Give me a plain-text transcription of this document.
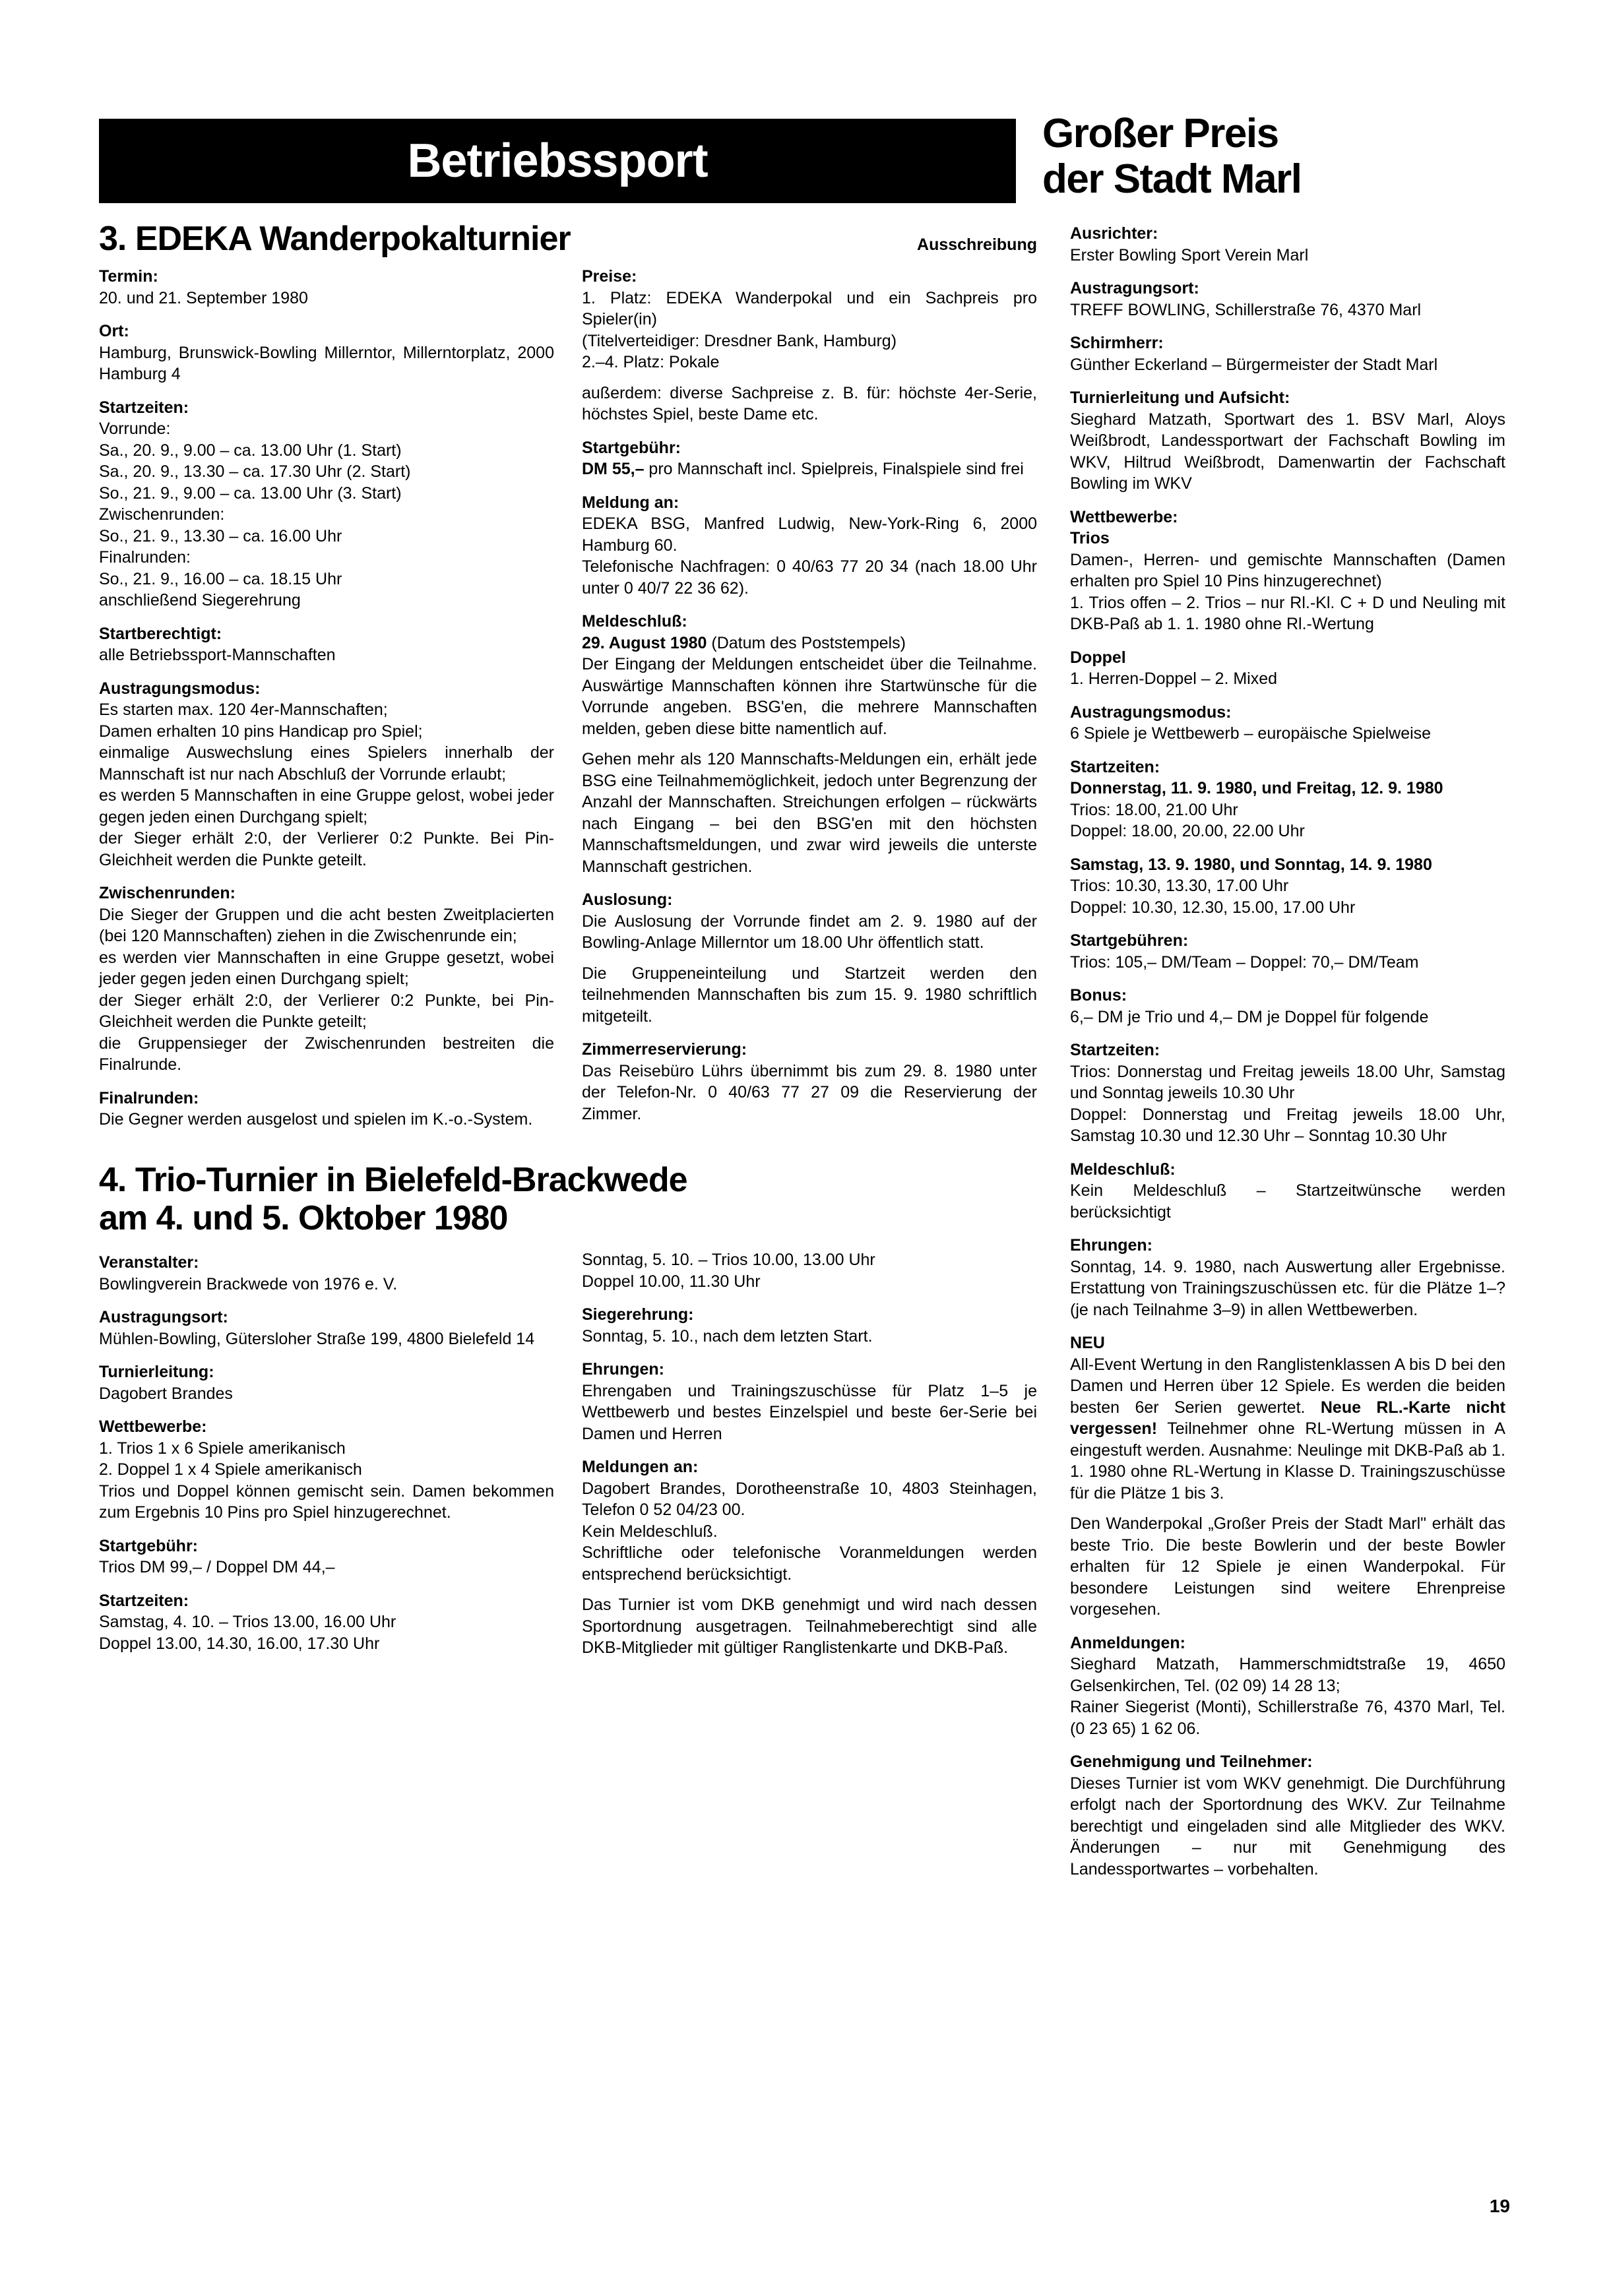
Betriebssport
Großer Preis
der Stadt Marl
3. EDEKA Wanderpokalturnier	Ausschreibung
Termin:

20. und 21. September 1980

Ort:

Hamburg, Brunswick-Bowling Millerntor, Millerntorplatz, 2000 Hamburg 4

Startzeiten:

Vorrunde:
Sa., 20. 9., 9.00 – ca. 13.00 Uhr (1. Start)
Sa., 20. 9., 13.30 – ca. 17.30 Uhr (2. Start)
So., 21. 9., 9.00 – ca. 13.00 Uhr (3. Start)
Zwischenrunden:
So., 21. 9., 13.30 – ca. 16.00 Uhr
Finalrunden:
So., 21. 9., 16.00 – ca. 18.15 Uhr
anschließend Siegerehrung

Startberechtigt:

alle Betriebssport-Mannschaften

Austragungsmodus:

Es starten max. 120 4er-Mannschaften;
Damen erhalten 10 pins Handicap pro Spiel;
einmalige Auswechslung eines Spielers innerhalb der Mannschaft ist nur nach Abschluß der Vorrunde erlaubt;
es werden 5 Mannschaften in eine Gruppe gelost, wobei jeder gegen jeden einen Durchgang spielt;
der Sieger erhält 2:0, der Verlierer 0:2 Punkte. Bei Pin-Gleichheit werden die Punkte geteilt.

Zwischenrunden:

Die Sieger der Gruppen und die acht besten Zweitplacierten (bei 120 Mannschaften) ziehen in die Zwischenrunde ein;
es werden vier Mannschaften in eine Gruppe gesetzt, wobei jeder gegen jeden einen Durchgang spielt;
der Sieger erhält 2:0, der Verlierer 0:2 Punkte, bei Pin-Gleichheit werden die Punkte geteilt;
die Gruppensieger der Zwischenrunden bestreiten die Finalrunde.

Finalrunden:

Die Gegner werden ausgelost und spielen im K.-o.-System.

Preise:

1. Platz: EDEKA Wanderpokal und ein Sachpreis pro Spieler(in)
(Titelverteidiger: Dresdner Bank, Hamburg)
2.–4. Platz: Pokale

außerdem: diverse Sachpreise z. B. für: höchste 4er-Serie, höchstes Spiel, beste Dame etc.

Startgebühr:

DM 55,– pro Mannschaft incl. Spielpreis, Finalspiele sind frei

Meldung an:

EDEKA BSG, Manfred Ludwig, New-York-Ring 6, 2000 Hamburg 60.
Telefonische Nachfragen: 0 40/63 77 20 34 (nach 18.00 Uhr unter 0 40/7 22 36 62).

Meldeschluß:

29. August 1980 (Datum des Poststempels)
Der Eingang der Meldungen entscheidet über die Teilnahme. Auswärtige Mannschaften können ihre Startwünsche für die Vorrunde angeben. BSG'en, die mehrere Mannschaften melden, geben diese bitte namentlich auf.

Gehen mehr als 120 Mannschafts-Meldungen ein, erhält jede BSG eine Teilnahmemöglichkeit, jedoch unter Begrenzung der Anzahl der Mannschaften. Streichungen erfolgen – rückwärts nach Eingang – bei den BSG'en mit den höchsten Mannschaftsmeldungen, und zwar wird jeweils die unterste Mannschaft gestrichen.

Auslosung:

Die Auslosung der Vorrunde findet am 2. 9. 1980 auf der Bowling-Anlage Millerntor um 18.00 Uhr öffentlich statt.

Die Gruppeneinteilung und Startzeit werden den teilnehmenden Mannschaften bis zum 15. 9. 1980 schriftlich mitgeteilt.

Zimmerreservierung:

Das Reisebüro Lührs übernimmt bis zum 29. 8. 1980 unter der Telefon-Nr. 0 40/63 77 27 09 die Reservierung der Zimmer.

4. Trio-Turnier in Bielefeld-Brackwede
am 4. und 5. Oktober 1980
Veranstalter:

Bowlingverein Brackwede von 1976 e. V.

Austragungsort:

Mühlen-Bowling, Gütersloher Straße 199, 4800 Bielefeld 14

Turnierleitung:

Dagobert Brandes

Wettbewerbe:

1. Trios 1 x 6 Spiele amerikanisch
2. Doppel 1 x 4 Spiele amerikanisch
Trios und Doppel können gemischt sein. Damen bekommen zum Ergebnis 10 Pins pro Spiel hinzugerechnet.

Startgebühr:

Trios DM 99,– / Doppel DM 44,–

Startzeiten:

Samstag, 4. 10. – Trios 13.00, 16.00 Uhr
Doppel 13.00, 14.30, 16.00, 17.30 Uhr

Sonntag, 5. 10. – Trios 10.00, 13.00 Uhr
Doppel 10.00, 11.30 Uhr

Siegerehrung:

Sonntag, 5. 10., nach dem letzten Start.

Ehrungen:

Ehrengaben und Trainingszuschüsse für Platz 1–5 je Wettbewerb und bestes Einzelspiel und beste 6er-Serie bei Damen und Herren

Meldungen an:

Dagobert Brandes, Dorotheenstraße 10, 4803 Steinhagen, Telefon 0 52 04/23 00.
Kein Meldeschluß.
Schriftliche oder telefonische Voranmeldungen werden entsprechend berücksichtigt.

Das Turnier ist vom DKB genehmigt und wird nach dessen Sportordnung ausgetragen. Teilnahmeberechtigt sind alle DKB-Mitglieder mit gültiger Ranglistenkarte und DKB-Paß.

Ausrichter:

Erster Bowling Sport Verein Marl

Austragungsort:

TREFF BOWLING, Schillerstraße 76, 4370 Marl

Schirmherr:

Günther Eckerland – Bürgermeister der Stadt Marl

Turnierleitung und Aufsicht:

Sieghard Matzath, Sportwart des 1. BSV Marl, Aloys Weißbrodt, Landessportwart der Fachschaft Bowling im WKV, Hiltrud Weißbrodt, Damenwartin der Fachschaft Bowling im WKV

Wettbewerbe:
Trios

Damen-, Herren- und gemischte Mannschaften (Damen erhalten pro Spiel 10 Pins hinzugerechnet)
1. Trios offen – 2. Trios – nur Rl.-Kl. C + D und Neuling mit DKB-Paß ab 1. 1. 1980 ohne Rl.-Wertung

Doppel

1. Herren-Doppel – 2. Mixed

Austragungsmodus:

6 Spiele je Wettbewerb – europäische Spielweise

Startzeiten:
Donnerstag, 11. 9. 1980, und Freitag, 12. 9. 1980

Trios: 18.00, 21.00 Uhr
Doppel: 18.00, 20.00, 22.00 Uhr

Samstag, 13. 9. 1980, und Sonntag, 14. 9. 1980

Trios: 10.30, 13.30, 17.00 Uhr
Doppel: 10.30, 12.30, 15.00, 17.00 Uhr

Startgebühren:

Trios: 105,– DM/Team – Doppel: 70,– DM/Team

Bonus:

6,– DM je Trio und 4,– DM je Doppel für folgende

Startzeiten:

Trios: Donnerstag und Freitag jeweils 18.00 Uhr, Samstag und Sonntag jeweils 10.30 Uhr
Doppel: Donnerstag und Freitag jeweils 18.00 Uhr, Samstag 10.30 und 12.30 Uhr – Sonntag 10.30 Uhr

Meldeschluß:

Kein Meldeschluß – Startzeitwünsche werden berücksichtigt

Ehrungen:

Sonntag, 14. 9. 1980, nach Auswertung aller Ergebnisse. Erstattung von Trainingszuschüssen etc. für die Plätze 1–? (je nach Teilnahme 3–9) in allen Wettbewerben.

NEU

All-Event Wertung in den Ranglistenklassen A bis D bei den Damen und Herren über 12 Spiele. Es werden die beiden besten 6er Serien gewertet. Neue RL.-Karte nicht vergessen! Teilnehmer ohne RL-Wertung müssen in A eingestuft werden. Ausnahme: Neulinge mit DKB-Paß ab 1. 1. 1980 ohne RL-Wertung in Klasse D. Trainingszuschüsse für die Plätze 1 bis 3.

Den Wanderpokal „Großer Preis der Stadt Marl" erhält das beste Trio. Die beste Bowlerin und der beste Bowler erhalten für 12 Spiele je einen Wanderpokal. Für besondere Leistungen sind weitere Ehrenpreise vorgesehen.

Anmeldungen:

Sieghard Matzath, Hammerschmidtstraße 19, 4650 Gelsenkirchen, Tel. (02 09) 14 28 13;
Rainer Siegerist (Monti), Schillerstraße 76, 4370 Marl, Tel. (0 23 65) 1 62 06.

Genehmigung und Teilnehmer:

Dieses Turnier ist vom WKV genehmigt. Die Durchführung erfolgt nach der Sportordnung des WKV. Zur Teilnahme berechtigt und eingeladen sind alle Mitglieder des WKV. Änderungen – nur mit Genehmigung des Landessportwartes – vorbehalten.

19
